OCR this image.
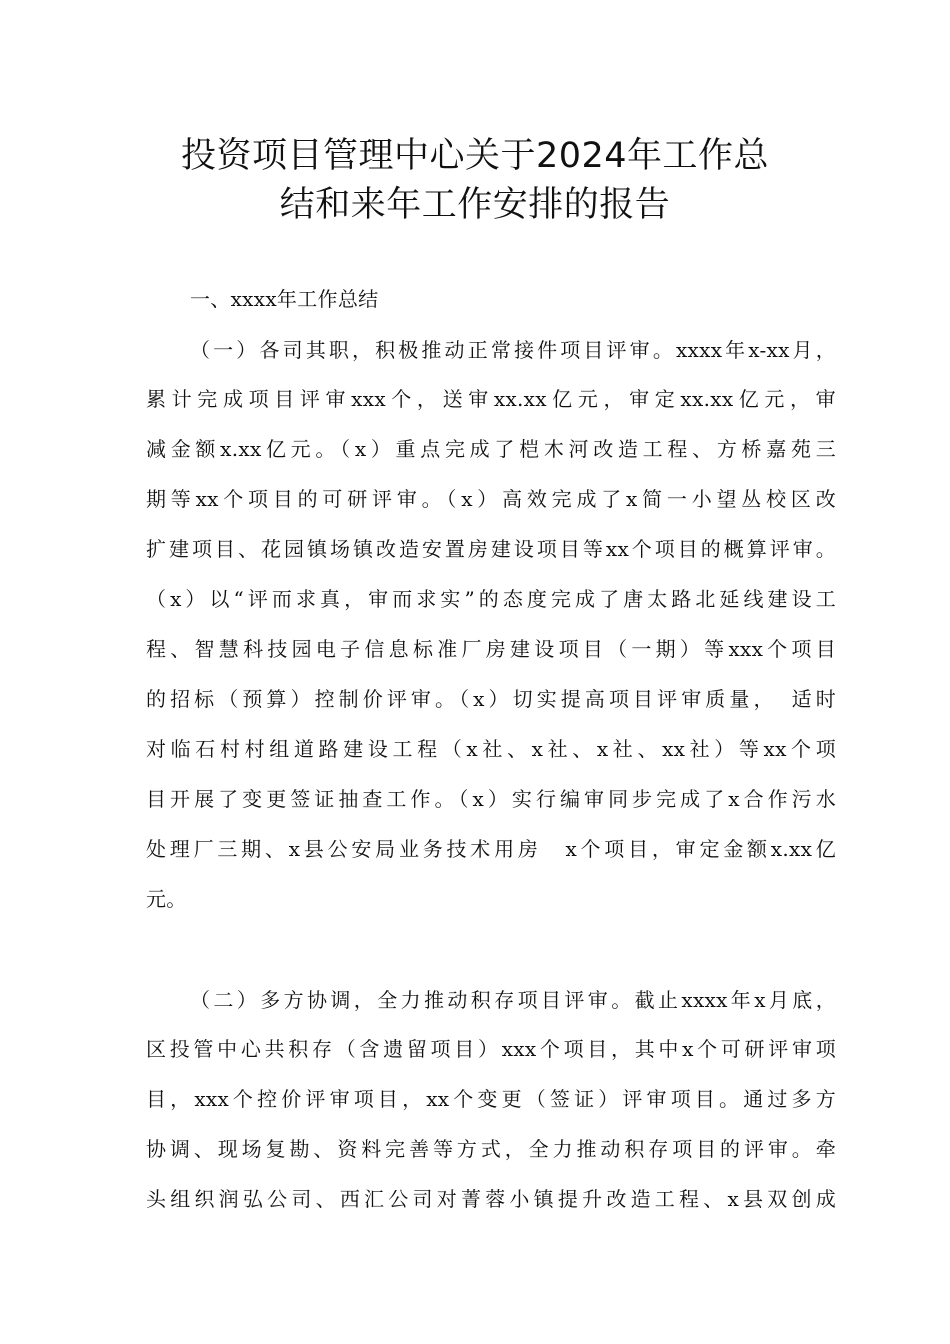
投资项目管理中心关于2024年工作总
结和来年工作安排的报告
一、xxxx年工作总结
（一）各司其职，积极推动正常接件项目评审。xxxx年x-xx月，
累计完成项目评审xxx个，送审xx.xx亿元，审定xx.xx亿元，审
减金额x.xx亿元。（x）重点完成了桤木河改造工程、方桥嘉苑三
期等xx个项目的可研评审。（x）高效完成了x简一小望丛校区改
扩建项目、花园镇场镇改造安置房建设项目等xx个项目的概算评审。
（x）以“评而求真，审而求实”的态度完成了唐太路北延线建设工
程、智慧科技园电子信息标准厂房建设项目（一期）等xxx个项目
的招标（预算）控制价评审。（x）切实提高项目评审质量，　适时
对临石村村组道路建设工程（x社、x社、x社、xx社）等xx个项
目开展了变更签证抽查工作。（x）实行编审同步完成了x合作污水
处理厂三期、x县公安局业务技术用房　x个项目，审定金额x.xx亿
元。
（二）多方协调，全力推动积存项目评审。截止xxxx年x月底，
区投管中心共积存（含遗留项目）xxx个项目，其中x个可研评审项
目，xxx个控价评审项目，xx个变更（签证）评审项目。通过多方
协调、现场复勘、资料完善等方式，全力推动积存项目的评审。牵
头组织润弘公司、西汇公司对菁蓉小镇提升改造工程、x县双创成
